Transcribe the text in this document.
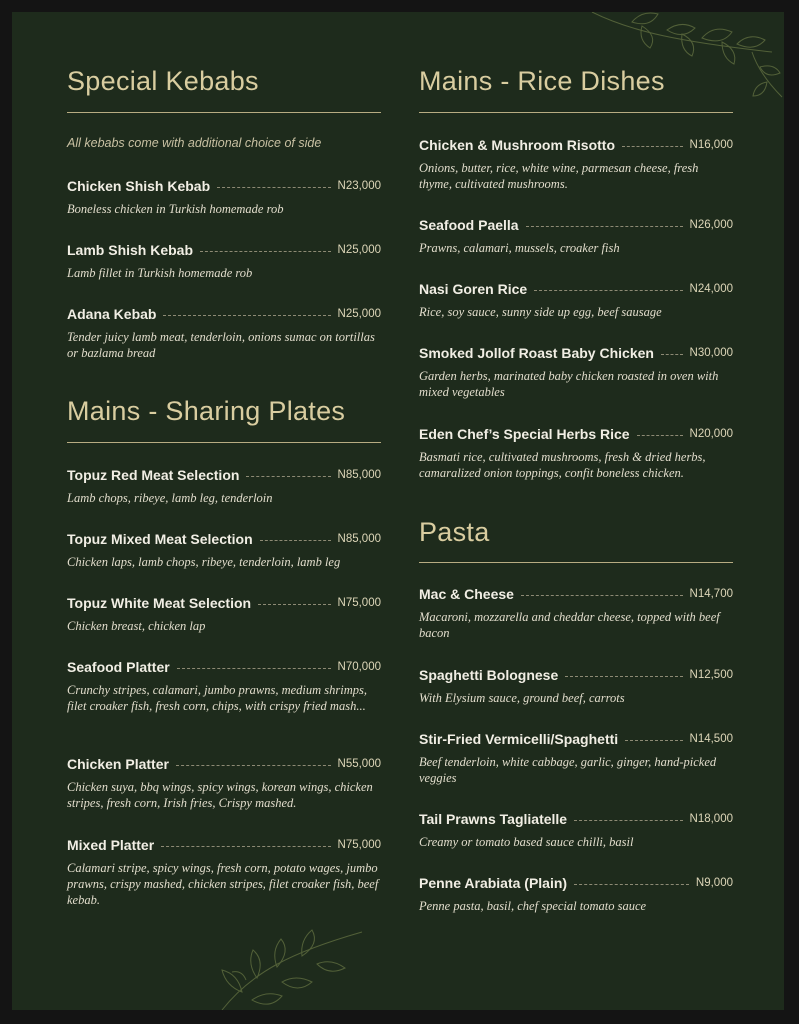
Special Kebabs
All kebabs come with additional choice of side
Chicken Shish Kebab	N23,000

Boneless chicken in Turkish homemade rob

Lamb Shish Kebab	N25,000

Lamb fillet in Turkish homemade rob

Adana Kebab	N25,000

Tender juicy lamb meat, tenderloin, onions sumac on tortillas or bazlama bread

Mains - Sharing Plates
Topuz Red Meat Selection	N85,000

Lamb chops, ribeye, lamb leg, tenderloin

Topuz Mixed Meat Selection	N85,000

Chicken laps, lamb chops, ribeye, tenderloin, lamb leg

Topuz White Meat Selection	N75,000

Chicken breast, chicken lap

Seafood Platter	N70,000

Crunchy stripes, calamari, jumbo prawns, medium shrimps, filet croaker fish, fresh corn, chips, with crispy fried mash...

Chicken Platter	N55,000

Chicken suya, bbq wings, spicy wings, korean wings, chicken stripes, fresh corn, Irish fries, Crispy mashed.

Mixed Platter	N75,000

Calamari stripe, spicy wings, fresh corn, potato wages, jumbo prawns, crispy mashed, chicken stripes, filet croaker fish, beef kebab.

Mains - Rice Dishes
Chicken & Mushroom Risotto	N16,000

Onions, butter, rice, white wine, parmesan cheese, fresh thyme, cultivated mushrooms.

Seafood Paella	N26,000

Prawns, calamari, mussels, croaker fish

Nasi Goren Rice	N24,000

Rice, soy sauce, sunny side up egg, beef sausage

Smoked Jollof Roast Baby Chicken	N30,000

Garden herbs, marinated baby chicken roasted in oven with mixed vegetables

Eden Chef’s Special Herbs Rice	N20,000

Basmati rice, cultivated mushrooms, fresh & dried herbs, camaralized onion toppings, confit boneless chicken.

Pasta
Mac & Cheese	N14,700

Macaroni, mozzarella and cheddar cheese, topped with beef bacon

Spaghetti Bolognese	N12,500

With Elysium sauce, ground beef, carrots

Stir-Fried Vermicelli/Spaghetti	N14,500

Beef tenderloin, white cabbage, garlic, ginger, hand-picked veggies

Tail Prawns Tagliatelle	N18,000

Creamy or tomato based sauce chilli, basil

Penne Arabiata (Plain)	N9,000

Penne pasta, basil, chef special tomato sauce
